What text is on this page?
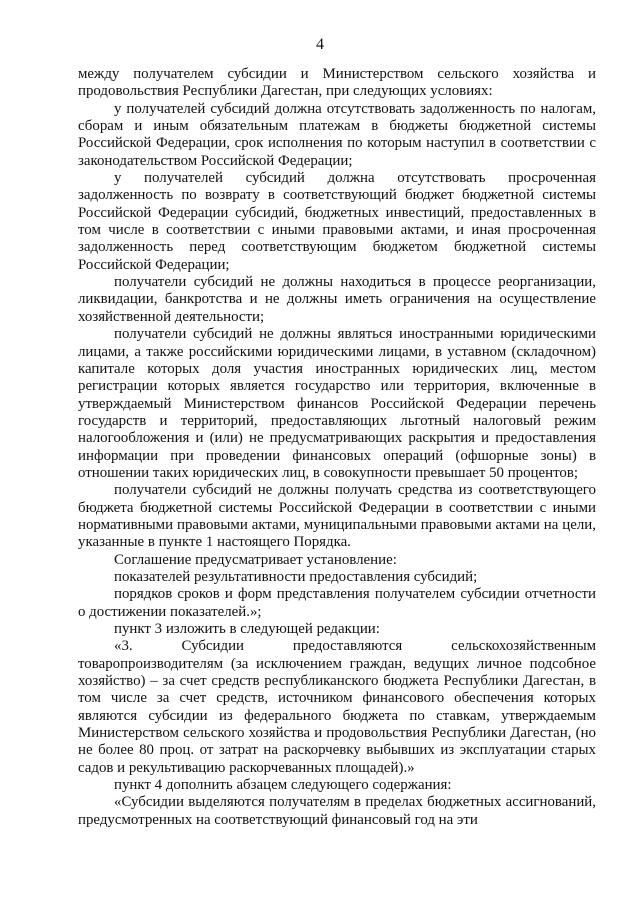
4

между получателем субсидии и Министерством сельского хозяйства и продовольствия Республики Дагестан, при следующих условиях:

у получателей субсидий должна отсутствовать задолженность по налогам, сборам и иным обязательным платежам в бюджеты бюджетной системы Российской Федерации, срок исполнения по которым наступил в соответствии с законодательством Российской Федерации;

у получателей субсидий должна отсутствовать просроченная задолженность по возврату в соответствующий бюджет бюджетной системы Российской Федерации субсидий, бюджетных инвестиций, предоставленных в том числе в соответствии с иными правовыми актами, и иная просроченная задолженность перед соответствующим бюджетом бюджетной системы Российской Федерации;

получатели субсидий не должны находиться в процессе реорганизации, ликвидации, банкротства и не должны иметь ограничения на осуществление хозяйственной деятельности;

получатели субсидий не должны являться иностранными юридическими лицами, а также российскими юридическими лицами, в уставном (складочном) капитале которых доля участия иностранных юридических лиц, местом регистрации которых является государство или территория, включенные в утверждаемый Министерством финансов Российской Федерации перечень государств и территорий, предоставляющих льготный налоговый режим налогообложения и (или) не предусматривающих раскрытия и предоставления информации при проведении финансовых операций (офшорные зоны) в отношении таких юридических лиц, в совокупности превышает 50 процентов;

получатели субсидий не должны получать средства из соответствующего бюджета бюджетной системы Российской Федерации в соответствии с иными нормативными правовыми актами, муниципальными правовыми актами на цели, указанные в пункте 1 настоящего Порядка.

Соглашение предусматривает установление:

показателей результативности предоставления субсидий;

порядков сроков и форм представления получателем субсидии отчетности о достижении показателей.»;

пункт 3 изложить в следующей редакции:

«3. Субсидии предоставляются сельскохозяйственным товаропроизводителям (за исключением граждан, ведущих личное подсобное хозяйство) – за счет средств республиканского бюджета Республики Дагестан, в том числе за счет средств, источником финансового обеспечения которых являются субсидии из федерального бюджета по ставкам, утверждаемым Министерством сельского хозяйства и продовольствия Республики Дагестан, (но не более 80 проц. от затрат на раскорчевку выбывших из эксплуатации старых садов и рекультивацию раскорчеванных площадей).»

пункт 4 дополнить абзацем следующего содержания:

«Субсидии выделяются получателям в пределах бюджетных ассигнований, предусмотренных на соответствующий финансовый год на эти
